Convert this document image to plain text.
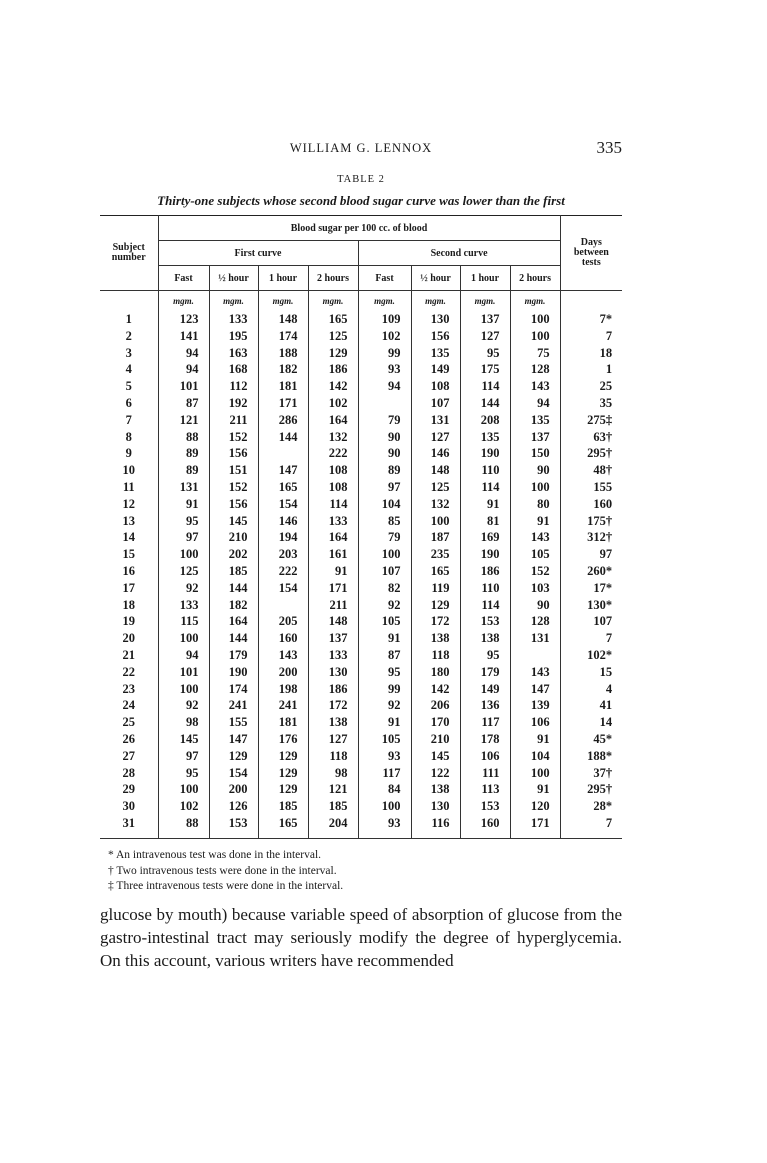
WILLIAM G. LENNOX	335
TABLE 2
Thirty-one subjects whose second blood sugar curve was lower than the first
Subject number	Blood sugar per 100 cc. of blood								Days between tests
	First curve				Second curve				
	Fast	½ hour	1 hour	2 hours	Fast	½ hour	1 hour	2 hours	
	mgm.	mgm.	mgm.	mgm.	mgm.	mgm.	mgm.	mgm.	
1	123	133	148	165	109	130	137	100	7*
2	141	195	174	125	102	156	127	100	7
3	94	163	188	129	99	135	95	75	18
4	94	168	182	186	93	149	175	128	1
5	101	112	181	142	94	108	114	143	25
6	87	192	171	102		107	144	94	35
7	121	211	286	164	79	131	208	135	275‡
8	88	152	144	132	90	127	135	137	63†
9	89	156		222	90	146	190	150	295†
10	89	151	147	108	89	148	110	90	48†
11	131	152	165	108	97	125	114	100	155
12	91	156	154	114	104	132	91	80	160
13	95	145	146	133	85	100	81	91	175†
14	97	210	194	164	79	187	169	143	312†
15	100	202	203	161	100	235	190	105	97
16	125	185	222	91	107	165	186	152	260*
17	92	144	154	171	82	119	110	103	17*
18	133	182		211	92	129	114	90	130*
19	115	164	205	148	105	172	153	128	107
20	100	144	160	137	91	138	138	131	7
21	94	179	143	133	87	118	95		102*
22	101	190	200	130	95	180	179	143	15
23	100	174	198	186	99	142	149	147	4
24	92	241	241	172	92	206	136	139	41
25	98	155	181	138	91	170	117	106	14
26	145	147	176	127	105	210	178	91	45*
27	97	129	129	118	93	145	106	104	188*
28	95	154	129	98	117	122	111	100	37†
29	100	200	129	121	84	138	113	91	295†
30	102	126	185	185	100	130	153	120	28*
31	88	153	165	204	93	116	160	171	7

* An intravenous test was done in the interval.
† Two intravenous tests were done in the interval.
‡ Three intravenous tests were done in the interval.
glucose by mouth) because variable speed of absorption of glucose from the gastro-intestinal tract may seriously modify the degree of hyperglycemia. On this account, various writers have recommended
